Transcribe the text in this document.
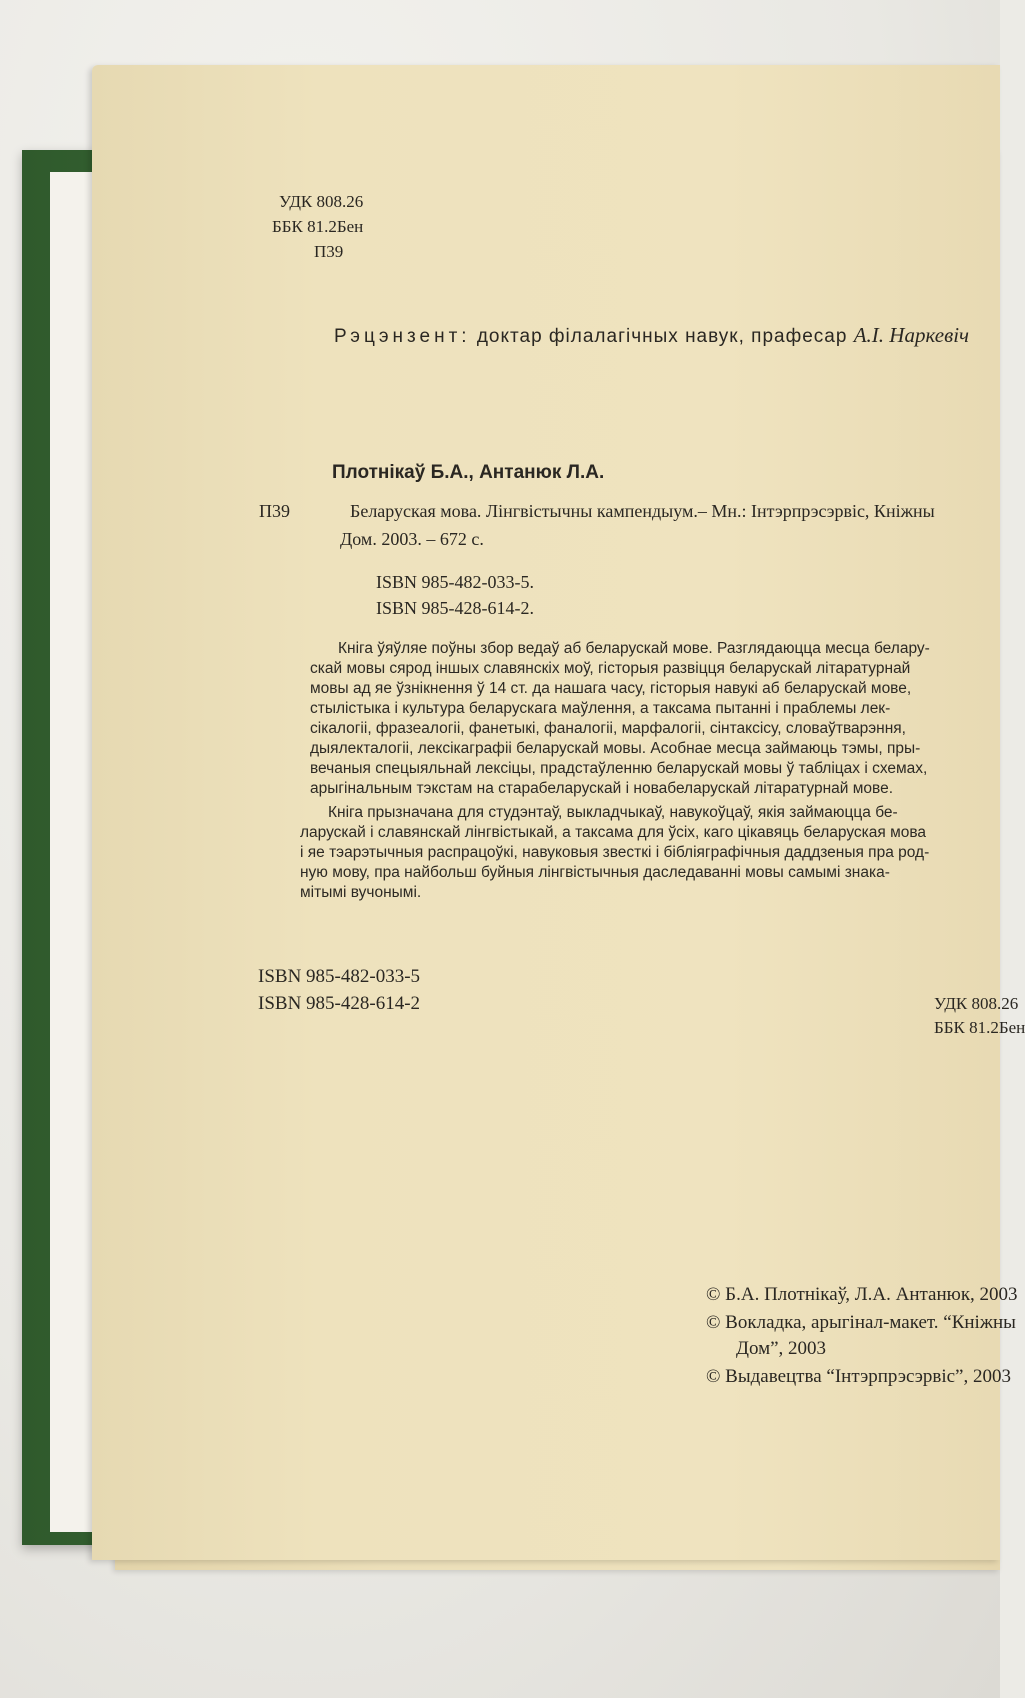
УДК 808.26
ББК 81.2Бен
П39
Рэцэнзент: доктар філалагічных навук, прафесар А.І. Наркевіч
Плотнікаў Б.А., Антанюк Л.А.
П39	Беларуская мова. Лінгвістычны кампендыум.– Мн.: Інтэрпрэсэрвіс, Кніжны
Дом. 2003. – 672 с.
ISBN 985-482-033-5.
ISBN 985-428-614-2.
Кніга ўяўляе поўны збор ведаў аб беларускай мове. Разглядаюцца месца белару-
скай мовы сярод іншых славянскіх моў, гісторыя развіцця беларускай літаратурнай
мовы ад яе ўзнікнення ў 14 ст. да нашага часу, гісторыя навукі аб беларускай мове,
стылістыка і культура беларускага маўлення, а таксама пытанні і праблемы лек-
сікалогіі, фразеалогіі, фанетыкі, фаналогіі, марфалогіі, сінтаксісу, словаўтварэння,
дыялекталогіі, лексікаграфіі беларускай мовы. Асобнае месца займаюць тэмы, пры-
вечаныя спецыяльнай лексіцы, прадстаўленню беларускай мовы ў табліцах і схемах,
арыгінальным тэкстам на старабеларускай і новабеларускай літаратурнай мове.
Кніга прызначана для студэнтаў, выкладчыкаў, навукоўцаў, якія займаюцца бе-
ларускай і славянскай лінгвістыкай, а таксама для ўсіх, каго цікавяць беларуская мова
і яе тэарэтычныя распрацоўкі, навуковыя звесткі і бібліяграфічныя даддзеныя пра род-
ную мову, пра найбольш буйныя лінгвістычныя даследаванні мовы самымі знака-
мітымі вучонымі.
ISBN 985-482-033-5
ISBN 985-428-614-2	УДК 808.26
ББК 81.2Бен
© Б.А. Плотнікаў, Л.А. Антанюк, 2003
© Вокладка, арыгінал-макет. “Кніжны
Дом”, 2003
© Выдавецтва “Інтэрпрэсэрвіс”, 2003
